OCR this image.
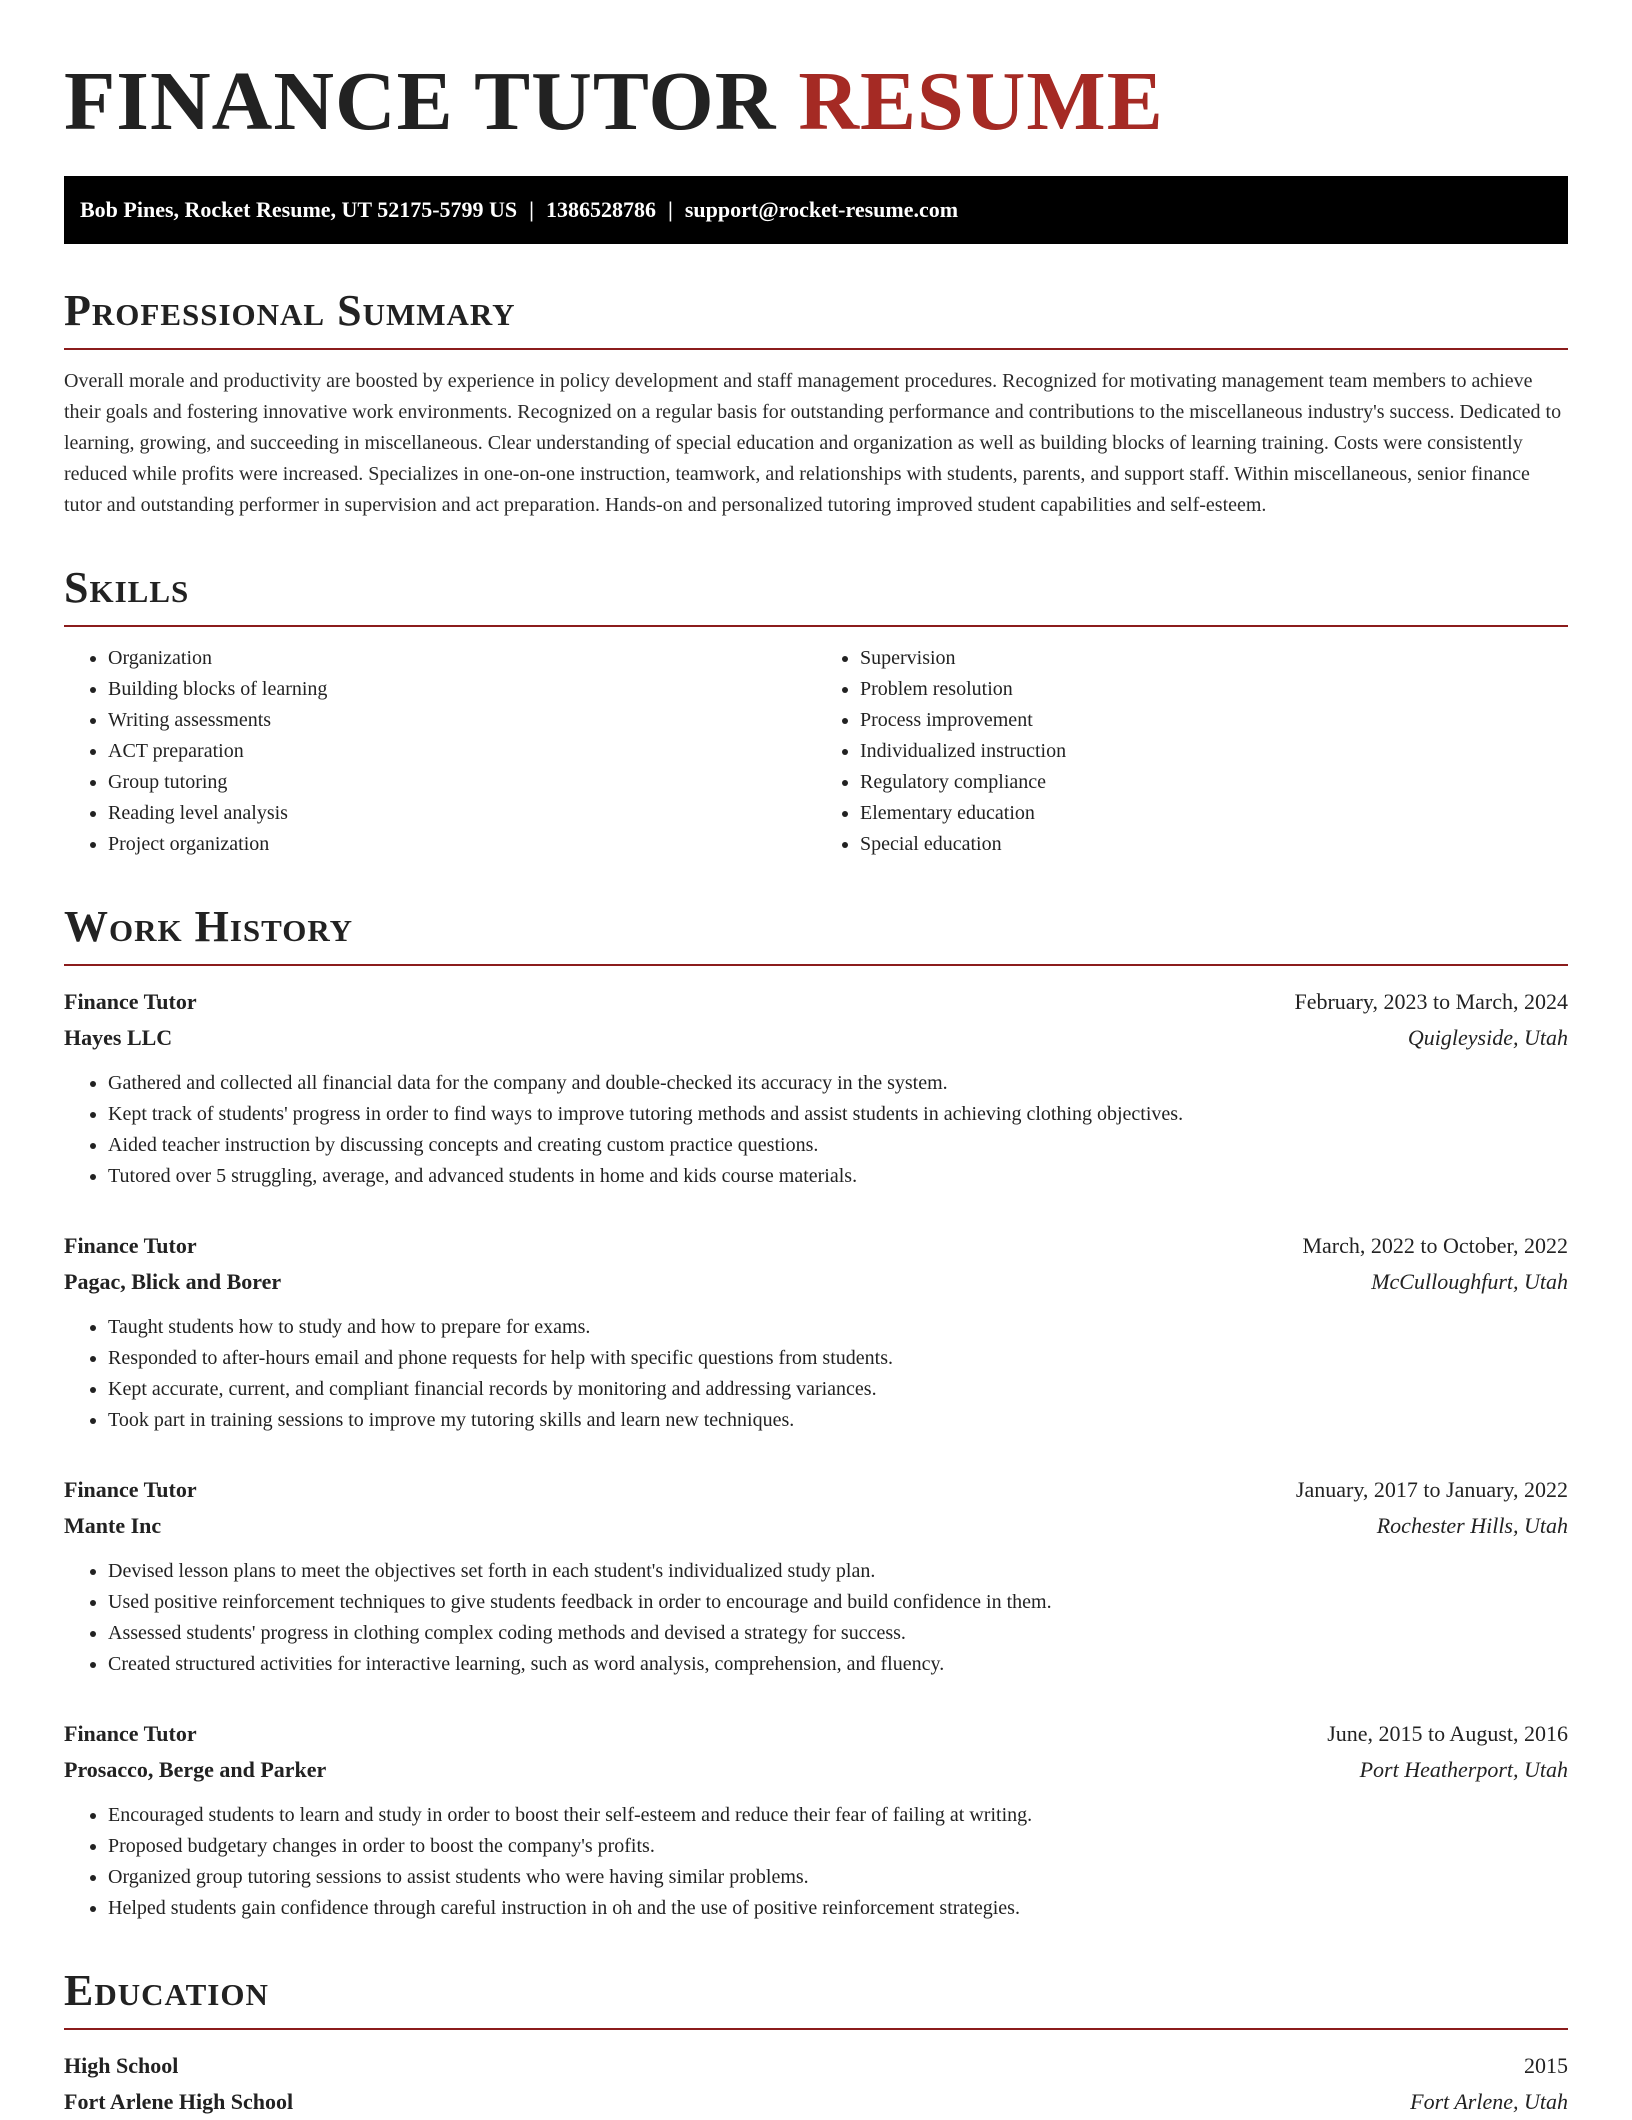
FINANCE TUTOR RESUME
Bob Pines, Rocket Resume, UT 52175-5799 US | 1386528786 | support@rocket-resume.com
Professional Summary

Overall morale and productivity are boosted by experience in policy development and staff management procedures. Recognized for motivating management team members to achieve their goals and fostering innovative work environments. Recognized on a regular basis for outstanding performance and contributions to the miscellaneous industry's success. Dedicated to learning, growing, and succeeding in miscellaneous. Clear understanding of special education and organization as well as building blocks of learning training. Costs were consistently reduced while profits were increased. Specializes in one-on-one instruction, teamwork, and relationships with students, parents, and support staff. Within miscellaneous, senior finance tutor and outstanding performer in supervision and act preparation. Hands-on and personalized tutoring improved student capabilities and self-esteem.

Skills
• Organization
• Building blocks of learning
• Writing assessments
• ACT preparation
• Group tutoring
• Reading level analysis
• Project organization
• Supervision
• Problem resolution
• Process improvement
• Individualized instruction
• Regulatory compliance
• Elementary education
• Special education
Work History
Finance Tutor	February, 2023 to March, 2024
Hayes LLC	Quigleyside, Utah
• Gathered and collected all financial data for the company and double-checked its accuracy in the system.
• Kept track of students' progress in order to find ways to improve tutoring methods and assist students in achieving clothing objectives.
• Aided teacher instruction by discussing concepts and creating custom practice questions.
• Tutored over 5 struggling, average, and advanced students in home and kids course materials.
Finance Tutor	March, 2022 to October, 2022
Pagac, Blick and Borer	McCulloughfurt, Utah
• Taught students how to study and how to prepare for exams.
• Responded to after-hours email and phone requests for help with specific questions from students.
• Kept accurate, current, and compliant financial records by monitoring and addressing variances.
• Took part in training sessions to improve my tutoring skills and learn new techniques.
Finance Tutor	January, 2017 to January, 2022
Mante Inc	Rochester Hills, Utah
• Devised lesson plans to meet the objectives set forth in each student's individualized study plan.
• Used positive reinforcement techniques to give students feedback in order to encourage and build confidence in them.
• Assessed students' progress in clothing complex coding methods and devised a strategy for success.
• Created structured activities for interactive learning, such as word analysis, comprehension, and fluency.
Finance Tutor	June, 2015 to August, 2016
Prosacco, Berge and Parker	Port Heatherport, Utah
• Encouraged students to learn and study in order to boost their self-esteem and reduce their fear of failing at writing.
• Proposed budgetary changes in order to boost the company's profits.
• Organized group tutoring sessions to assist students who were having similar problems.
• Helped students gain confidence through careful instruction in oh and the use of positive reinforcement strategies.
Education
High School	2015
Fort Arlene High School	Fort Arlene, Utah
